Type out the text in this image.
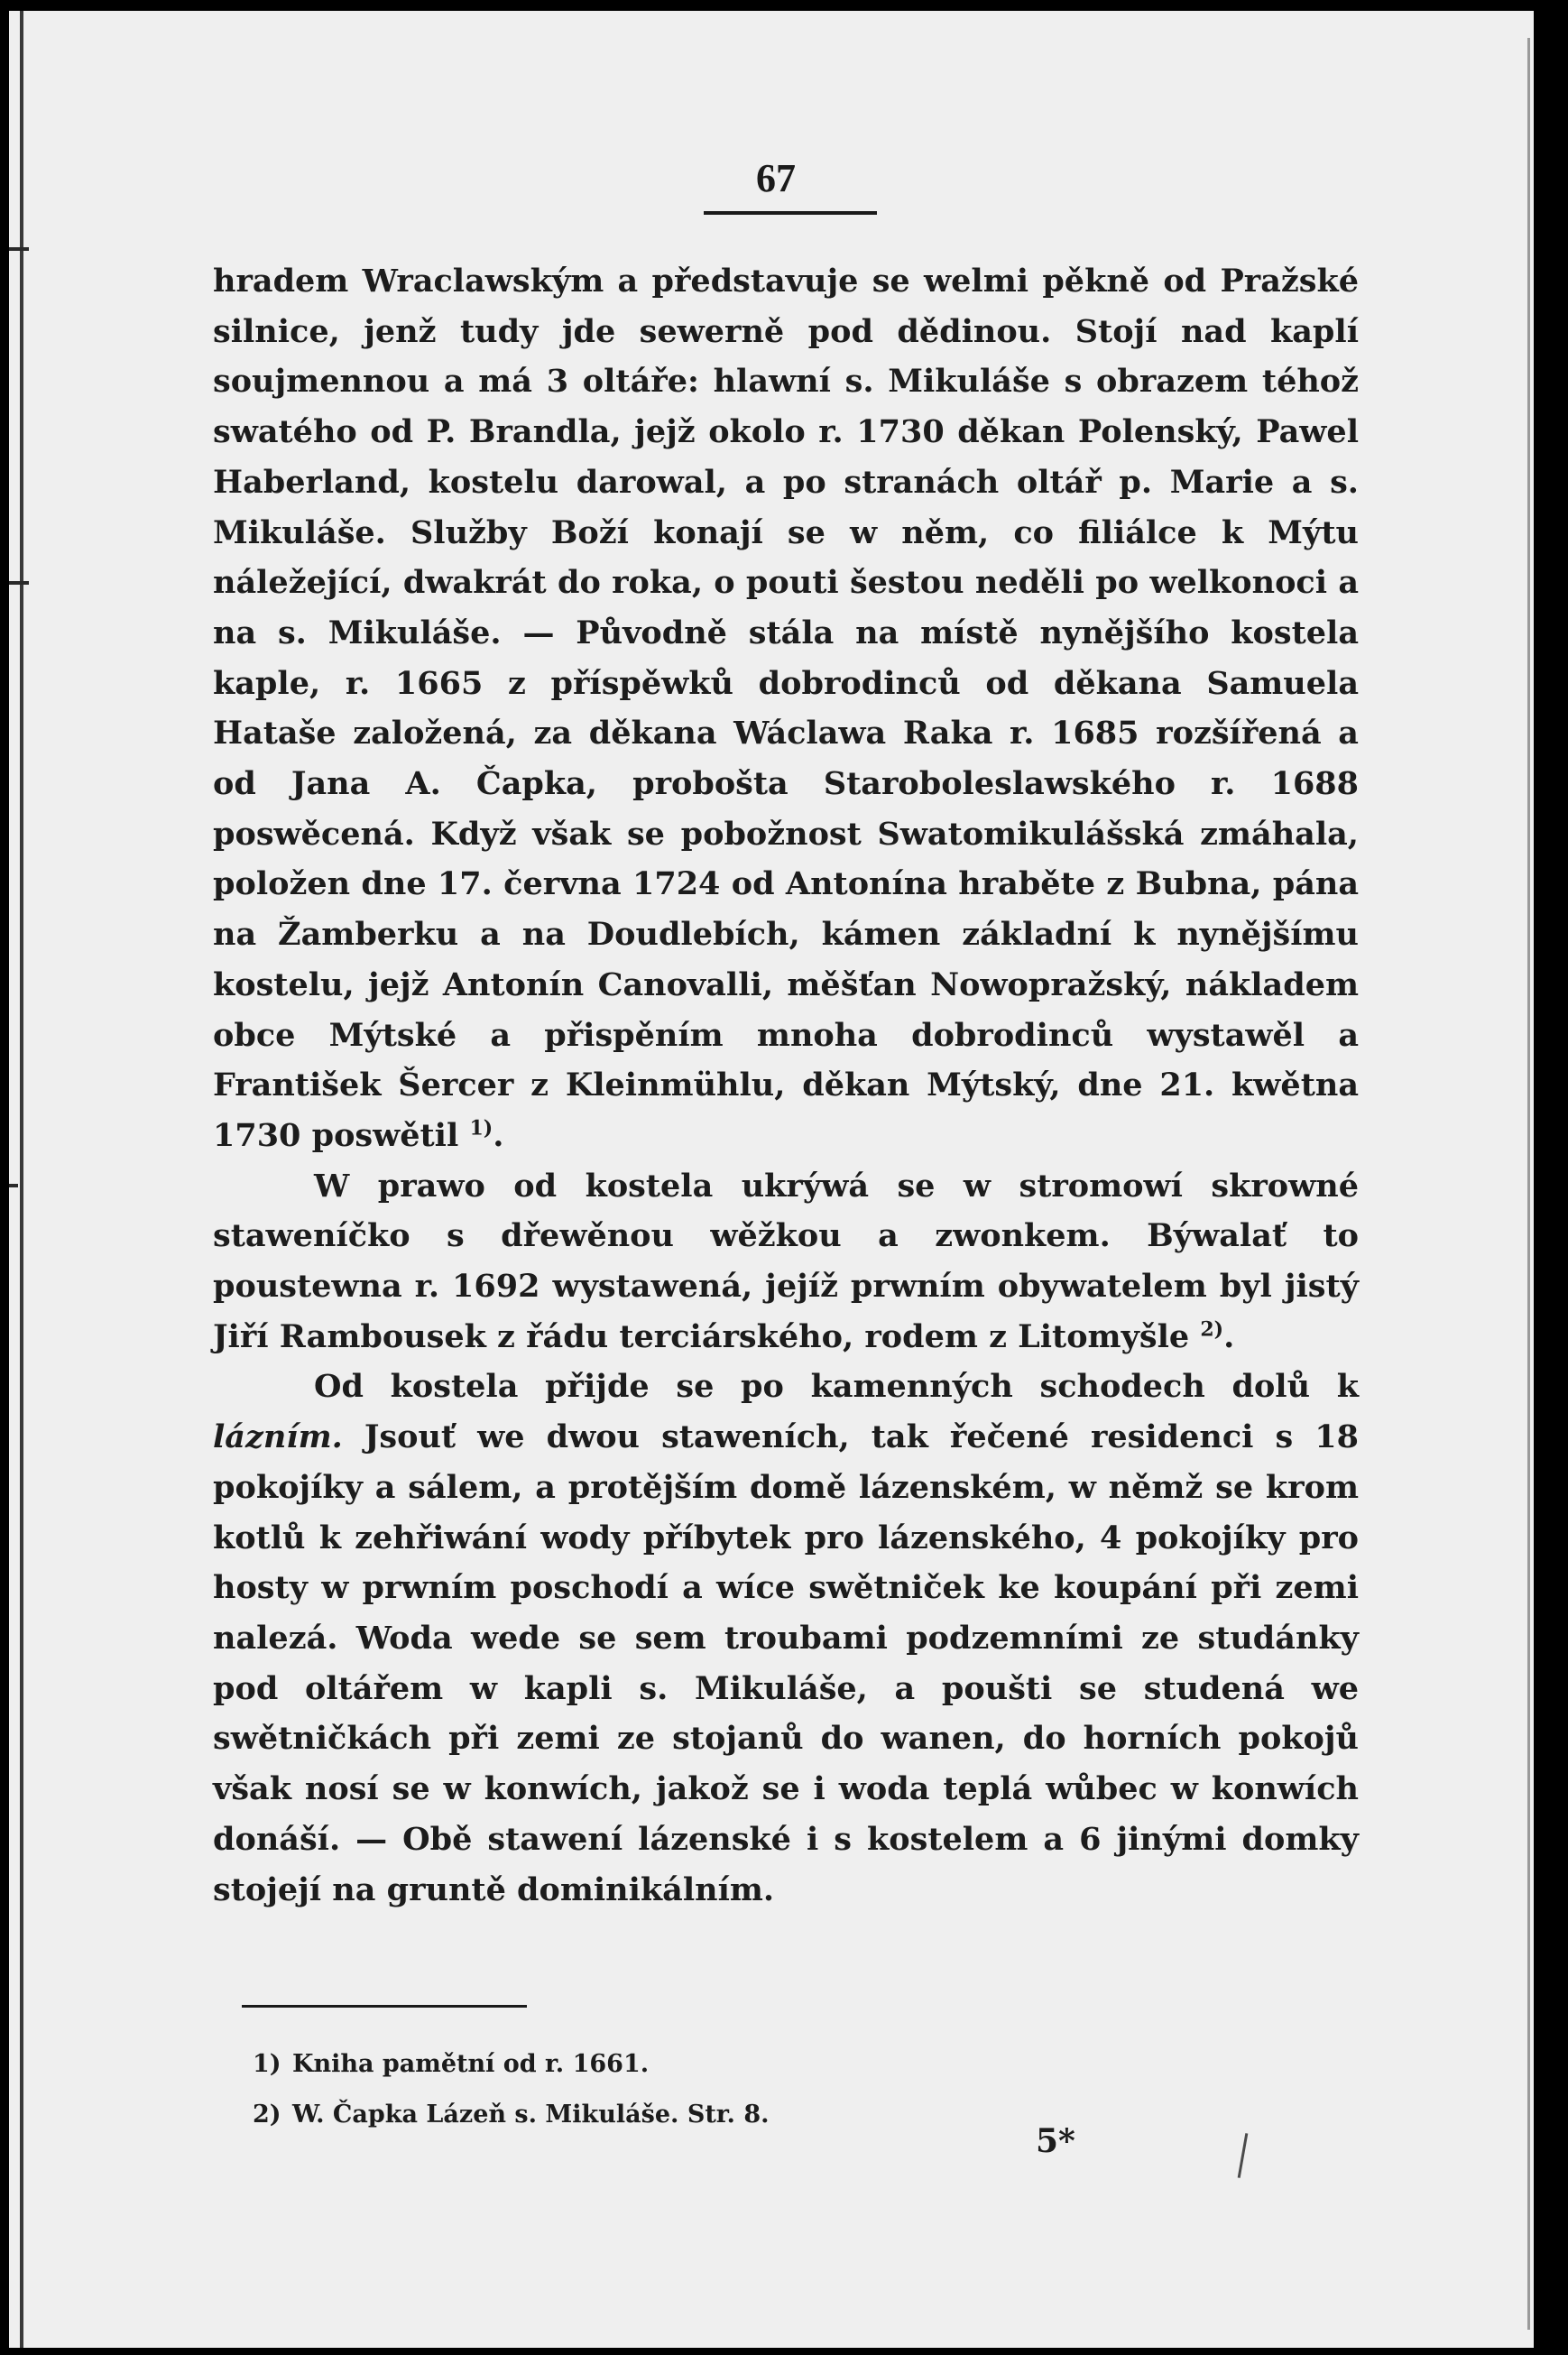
67

hradem Wraclawským a představuje se welmi pěkně od Pražské silnice, jenž tudy jde sewerně pod dědinou. Stojí nad kaplí soujmennou a má 3 oltáře: hlawní s. Mikuláše s obrazem téhož swatého od P. Brandla, jejž okolo r. 1730 děkan Polenský, Pawel Haberland, kostelu darowal, a po stranách oltář p. Marie a s. Mikuláše. Služby Boží konají se w něm, co filiálce k Mýtu náležející, dwakrát do roka, o pouti šestou neděli po welkonoci a na s. Mikuláše. — Původně stála na místě nynějšího kostela kaple, r. 1665 z příspěwků dobrodinců od děkana Samuela Hataše založená, za děkana Wáclawa Raka r. 1685 rozšířená a od Jana A. Čapka, probošta Staroboleslawského r. 1688 poswěcená. Když však se pobožnost Swatomikulášská zmáhala, položen dne 17. června 1724 od Antonína hraběte z Bubna, pána na Žamberku a na Doudlebích, kámen základní k nynějšímu kostelu, jejž Antonín Canovalli, měšťan Nowopražský, nákladem obce Mýtské a přispěním mnoha dobrodinců wystawěl a František Šercer z Kleinmühlu, děkan Mýtský, dne 21. kwětna 1730 poswětil $^{1)}$.

W prawo od kostela ukrýwá se w stromowí skrowné staweníčko s dřewěnou wěžkou a zwonkem. Býwalať to poustewna r. 1692 wystawená, jejíž prwním obywatelem byl jistý Jiří Rambousek z řádu terciárského, rodem z Litomyšle $^{2)}$.

Od kostela přijde se po kamenných schodech dolů k lázním. Jsouť we dwou staweních, tak řečené residenci s 18 pokojíky a sálem, a protějším domě lázenském, w němž se krom kotlů k zehřiwání wody příbytek pro lázenského, 4 pokojíky pro hosty w prwním poschodí a wíce swětniček ke koupání při zemi nalezá. Woda wede se sem troubami podzemními ze studánky pod oltářem w kapli s. Mikuláše, a poušti se studená we swětničkách při zemi ze stojanů do wanen, do horních pokojů však nosí se w konwích, jakož se i woda teplá wůbec w konwích donáší. — Obě stawení lázenské i s kostelem a 6 jinými domky stojejí na gruntě dominikálním.

1) Kniha pamětní od r. 1661.

2) W. Čapka Lázeň s. Mikuláše. Str. 8.

5*
